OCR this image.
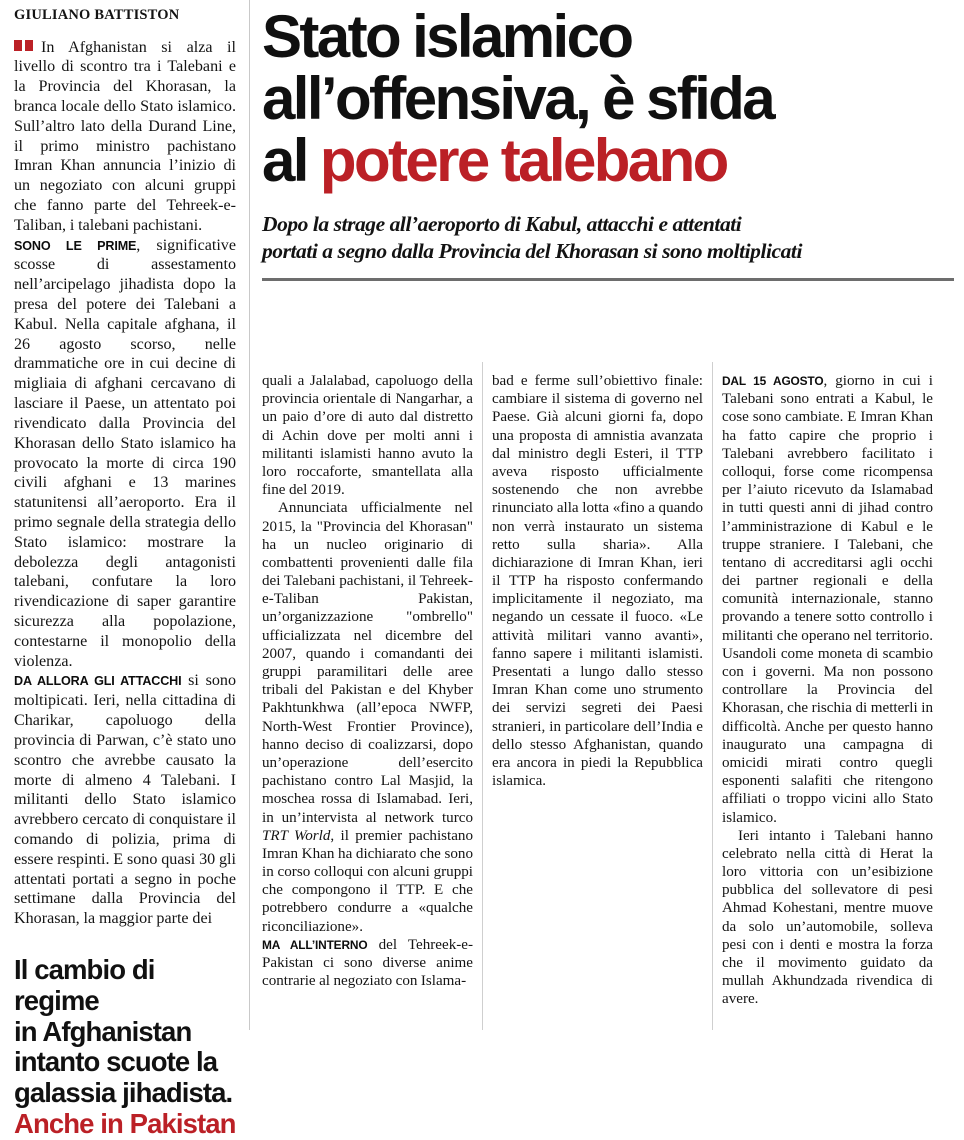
GIULIANO BATTISTON

In Afghanistan si alza il livello di scontro tra i Talebani e la Provincia del Khorasan, la branca locale dello Stato islamico. Sull’altro lato della Durand Line, il primo ministro pachistano Imran Khan annuncia l’inizio di un negoziato con alcuni gruppi che fanno parte del Tehreek-e-Taliban, i talebani pachistani.

SONO LE PRIME, significative scosse di assestamento nell’arcipelago jihadista dopo la presa del potere dei Talebani a Kabul. Nella capitale afghana, il 26 agosto scorso, nelle drammatiche ore in cui decine di migliaia di afghani cercavano di lasciare il Paese, un attentato poi rivendicato dalla Provincia del Khorasan dello Stato islamico ha provocato la morte di circa 190 civili afghani e 13 marines statunitensi all’aeroporto. Era il primo segnale della strategia dello Stato islamico: mostrare la debolezza degli antagonisti talebani, confutare la loro rivendicazione di saper garantire sicurezza alla popolazione, contestarne il monopolio della violenza.

DA ALLORA GLI ATTACCHI si sono moltipicati. Ieri, nella cittadina di Charikar, capoluogo della provincia di Parwan, c’è stato uno scontro che avrebbe causato la morte di almeno 4 Talebani. I militanti dello Stato islamico avrebbero cercato di conquistare il comando di polizia, prima di essere respinti. E sono quasi 30 gli attentati portati a segno in poche settimane dalla Provincia del Khorasan, la maggior parte dei

Il cambio di regime
in Afghanistan
intanto scuote la
galassia jihadista.
Anche in Pakistan
Stato islamico
all’offensiva, è sfida
al potere talebano
Dopo la strage all’aeroporto di Kabul, attacchi e attentati
portati a segno dalla Provincia del Khorasan si sono moltiplicati

quali a Jalalabad, capoluogo della provincia orientale di Nangarhar, a un paio d’ore di auto dal distretto di Achin dove per molti anni i militanti islamisti hanno avuto la loro roccaforte, smantellata alla fine del 2019.

Annunciata ufficialmente nel 2015, la "Provincia del Khorasan" ha un nucleo originario di combattenti provenienti dalle fila dei Talebani pachistani, il Tehreek-e-Taliban Pakistan, un’organizzazione "ombrello" ufficializzata nel dicembre del 2007, quando i comandanti dei gruppi paramilitari delle aree tribali del Pakistan e del Khyber Pakhtunkhwa (all’epoca NWFP, North-West Frontier Province), hanno deciso di coalizzarsi, dopo un’operazione dell’esercito pachistano contro Lal Masjid, la moschea rossa di Islamabad. Ieri, in un’intervista al network turco TRT World, il premier pachistano Imran Khan ha dichiarato che sono in corso colloqui con alcuni gruppi che compongono il TTP. E che potrebbero condurre a «qualche riconciliazione».

MA ALL’INTERNO del Tehreek-e-Pakistan ci sono diverse anime contrarie al negoziato con Islama-

bad e ferme sull’obiettivo finale: cambiare il sistema di governo nel Paese. Già alcuni giorni fa, dopo una proposta di amnistia avanzata dal ministro degli Esteri, il TTP aveva risposto ufficialmente sostenendo che non avrebbe rinunciato alla lotta «fino a quando non verrà instaurato un sistema retto sulla sharia». Alla dichiarazione di Imran Khan, ieri il TTP ha risposto confermando implicitamente il negoziato, ma negando un cessate il fuoco. «Le attività militari vanno avanti», fanno sapere i militanti islamisti. Presentati a lungo dallo stesso Imran Khan come uno strumento dei servizi segreti dei Paesi stranieri, in particolare dell’India e dello stesso Afghanistan, quando era ancora in piedi la Repubblica islamica.

DAL 15 AGOSTO, giorno in cui i Talebani sono entrati a Kabul, le cose sono cambiate. E Imran Khan ha fatto capire che proprio i Talebani avrebbero facilitato i colloqui, forse come ricompensa per l’aiuto ricevuto da Islamabad in tutti questi anni di jihad contro l’amministrazione di Kabul e le truppe straniere. I Talebani, che tentano di accreditarsi agli occhi dei partner regionali e della comunità internazionale, stanno provando a tenere sotto controllo i militanti che operano nel territorio. Usandoli come moneta di scambio con i governi. Ma non possono controllare la Provincia del Khorasan, che rischia di metterli in difficoltà. Anche per questo hanno inaugurato una campagna di omicidi mirati contro quegli esponenti salafiti che ritengono affiliati o troppo vicini allo Stato islamico.

Ieri intanto i Talebani hanno celebrato nella città di Herat la loro vittoria con un’esibizione pubblica del sollevatore di pesi Ahmad Kohestani, mentre muove da solo un’automobile, solleva pesi con i denti e mostra la forza che il movimento guidato da mullah Akhundzada rivendica di avere.
